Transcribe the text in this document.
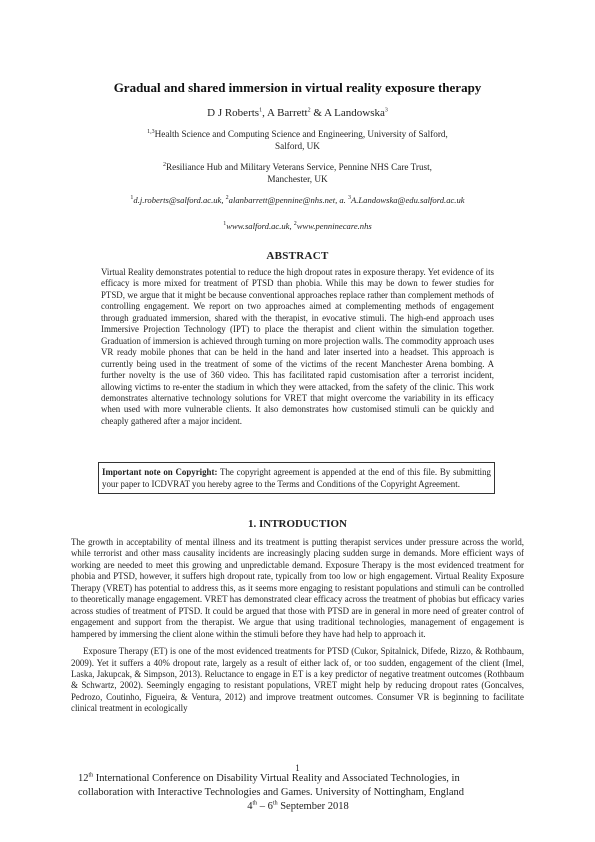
Gradual and shared immersion in virtual reality exposure therapy
D J Roberts$^1$, A Barrett$^2$ & A Landowska$^3$
$^{1,3}$Health Science and Computing Science and Engineering, University of Salford,
Salford, UK
$^2$Resiliance Hub and Military Veterans Service, Pennine NHS Care Trust,
Manchester, UK
$^1$d.j.roberts@salford.ac.uk, $^2$alanbarrett@pennine@nhs.net, a. $^3$A.Landowska@edu.salford.ac.uk
$^1$www.salford.ac.uk, $^2$www.penninecare.nhs
ABSTRACT
Virtual Reality demonstrates potential to reduce the high dropout rates in exposure therapy. Yet evidence of its efficacy is more mixed for treatment of PTSD than phobia. While this may be down to fewer studies for PTSD, we argue that it might be because conventional approaches replace rather than complement methods of controlling engagement. We report on two approaches aimed at complementing methods of engagement through graduated immersion, shared with the therapist, in evocative stimuli. The high-end approach uses Immersive Projection Technology (IPT) to place the therapist and client within the simulation together. Graduation of immersion is achieved through turning on more projection walls. The commodity approach uses VR ready mobile phones that can be held in the hand and later inserted into a headset. This approach is currently being used in the treatment of some of the victims of the recent Manchester Arena bombing. A further novelty is the use of 360 video. This has facilitated rapid customisation after a terrorist incident, allowing victims to re-enter the stadium in which they were attacked, from the safety of the clinic. This work demonstrates alternative technology solutions for VRET that might overcome the variability in its efficacy when used with more vulnerable clients. It also demonstrates how customised stimuli can be quickly and cheaply gathered after a major incident.
Important note on Copyright: The copyright agreement is appended at the end of this file. By submitting your paper to ICDVRAT you hereby agree to the Terms and Conditions of the Copyright Agreement.
1. INTRODUCTION

The growth in acceptability of mental illness and its treatment is putting therapist services under pressure across the world, while terrorist and other mass causality incidents are increasingly placing sudden surge in demands. More efficient ways of working are needed to meet this growing and unpredictable demand. Exposure Therapy is the most evidenced treatment for phobia and PTSD, however, it suffers high dropout rate, typically from too low or high engagement. Virtual Reality Exposure Therapy (VRET) has potential to address this, as it seems more engaging to resistant populations and stimuli can be controlled to theoretically manage engagement. VRET has demonstrated clear efficacy across the treatment of phobias but efficacy varies across studies of treatment of PTSD. It could be argued that those with PTSD are in general in more need of greater control of engagement and support from the therapist. We argue that using traditional technologies, management of engagement is hampered by immersing the client alone within the stimuli before they have had help to approach it.

Exposure Therapy (ET) is one of the most evidenced treatments for PTSD (Cukor, Spitalnick, Difede, Rizzo, & Rothbaum, 2009). Yet it suffers a 40% dropout rate, largely as a result of either lack of, or too sudden, engagement of the client (Imel, Laska, Jakupcak, & Simpson, 2013). Reluctance to engage in ET is a key predictor of negative treatment outcomes (Rothbaum & Schwartz, 2002). Seemingly engaging to resistant populations, VRET might help by reducing dropout rates (Goncalves, Pedrozo, Coutinho, Figueira, & Ventura, 2012) and improve treatment outcomes. Consumer VR is beginning to facilitate clinical treatment in ecologically

1
12th International Conference on Disability Virtual Reality and Associated Technologies, in
collaboration with Interactive Technologies and Games. University of Nottingham, England

4th – 6th September 2018
